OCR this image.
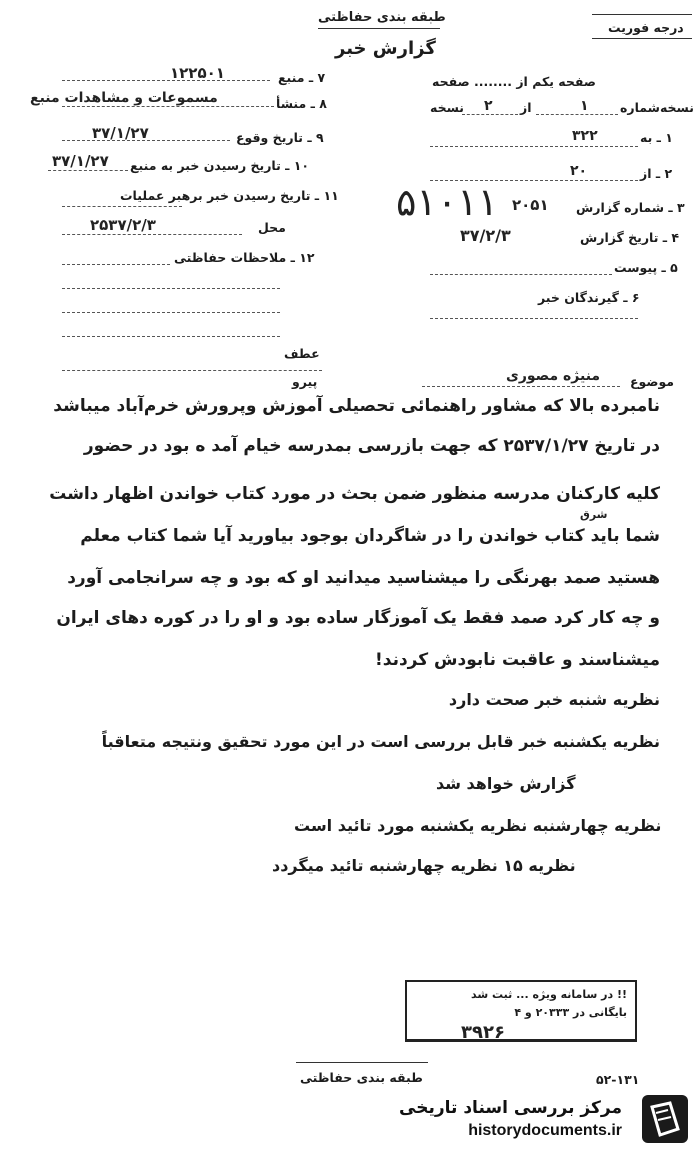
طبقه بندی حفاظتی
گزارش خبر
درجه فوریت
۱۲۲۵۰۱	۷ ـ منبع
مسموعات و مشاهدات منبع	۸ ـ منشأ
۳۷/۱/۲۷	۹ ـ تاریخ وقوع
۳۷/۱/۲۷ ۱۰ ـ تاریخ رسیدن خبر به منبع
۱۱ ـ تاریخ رسیدن خبر برهبر عملیات
۲۵۳۷/۲/۳	محل
۱۲ ـ ملاحظات حفاظتی
صفحه یکم از ........ صفحه
نسخه‌شماره
۱
از
۲
نسخه
۱ ـ به
۳۲۲
۲ ـ از
۲۰
۳ ـ شماره گزارش
۲۰۵۱
۴ ـ تاریخ گزارش
۳۷/۲/۳
۵ ـ پیوست
۶ ـ گیرندگان خبر
۵۱۰۱۱
عطف
پیرو	موضوع
منیژه مصوری
نامبرده بالا که مشاور راهنمائی تحصیلی آموزش وپرورش خرم‌آباد میباشد
در تاریخ ۲۵۳۷/۱/۲۷ که جهت بازرسی بمدرسه خیام آمد ه بود در حضور
کلیه کارکنان مدرسه منظور ضمن بحث در مورد کتاب خواندن اظهار داشت
شرق
شما باید کتاب خواندن را در شاگردان بوجود بیاورید آیا شما کتاب معلم
هستید صمد بهرنگی را میشناسید میدانید او که بود و چه سرانجامی آورد
و چه کار کرد صمد فقط یک آموزگار ساده بود و او را در کوره دهای ایران
میشناسند و عاقبت نابودش کردند!
نظریه شنبه خبر صحت دارد
نظریه یکشنبه خبر قابل بررسی است در این مورد تحقیق ونتیجه متعاقباً
گزارش خواهد شد
نظریه چهارشنبه نظریه یکشنبه مورد تائید است
نظریه ۱۵ نظریه چهارشنبه تائید میگردد
!! در سامانه ویژه ... ثبت شد
بایگانی در ۲۰۳۳۳ و ۴
۳۹۲۶
طبقه بندی حفاظتی	۵۲-۱۳۱
مرکز بررسی اسناد تاریخی
historydocuments.ir
